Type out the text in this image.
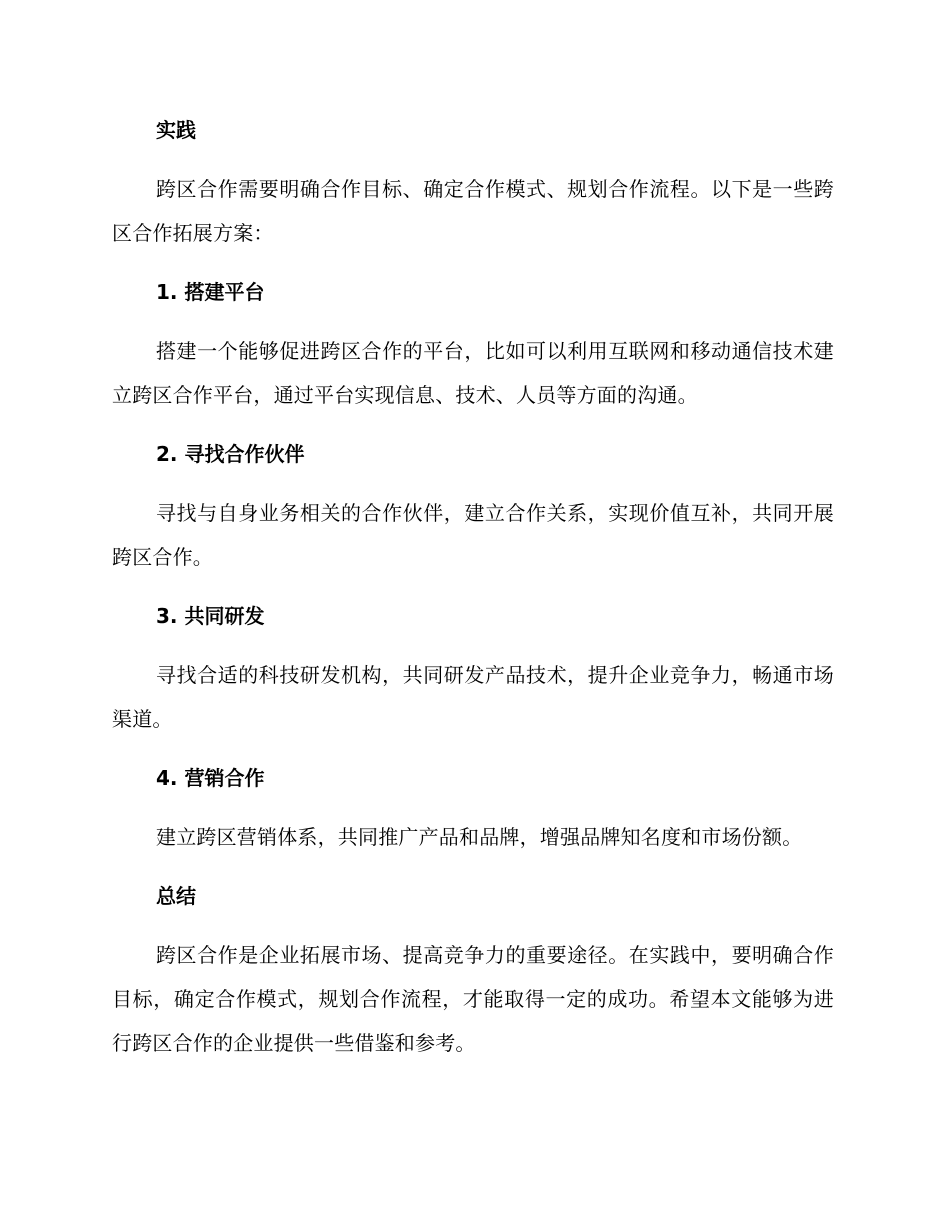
实践

跨区合作需要明确合作目标、确定合作模式、规划合作流程。以下是一些跨区合作拓展方案：

1. 搭建平台

搭建一个能够促进跨区合作的平台，比如可以利用互联网和移动通信技术建立跨区合作平台，通过平台实现信息、技术、人员等方面的沟通。

2. 寻找合作伙伴

寻找与自身业务相关的合作伙伴，建立合作关系，实现价值互补，共同开展跨区合作。

3. 共同研发

寻找合适的科技研发机构，共同研发产品技术，提升企业竞争力，畅通市场渠道。

4. 营销合作

建立跨区营销体系，共同推广产品和品牌，增强品牌知名度和市场份额。

总结

跨区合作是企业拓展市场、提高竞争力的重要途径。在实践中，要明确合作目标，确定合作模式，规划合作流程，才能取得一定的成功。希望本文能够为进行跨区合作的企业提供一些借鉴和参考。
